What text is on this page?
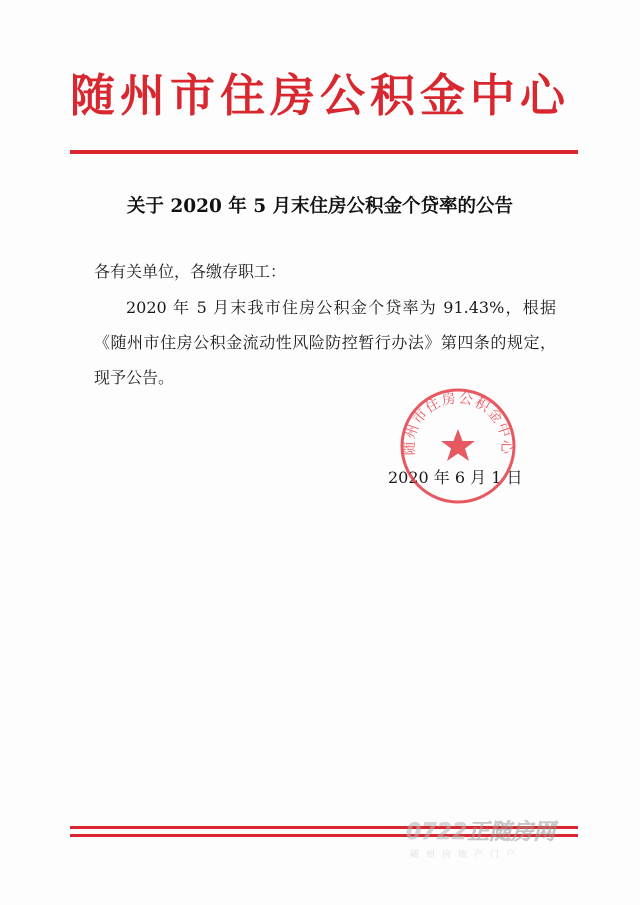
随州市住房公积金中心
关于 2020 年 5 月末住房公积金个贷率的公告
各有关单位，各缴存职工：
2020 年 5 月末我市住房公积金个贷率为 91.43%，根据《随州市住房公积金流动性风险防控暂行办法》第四条的规定，现予公告。
2020 年 6 月 1 日
随州市住房公积金中心
0722正随房网
随州房地产门户
